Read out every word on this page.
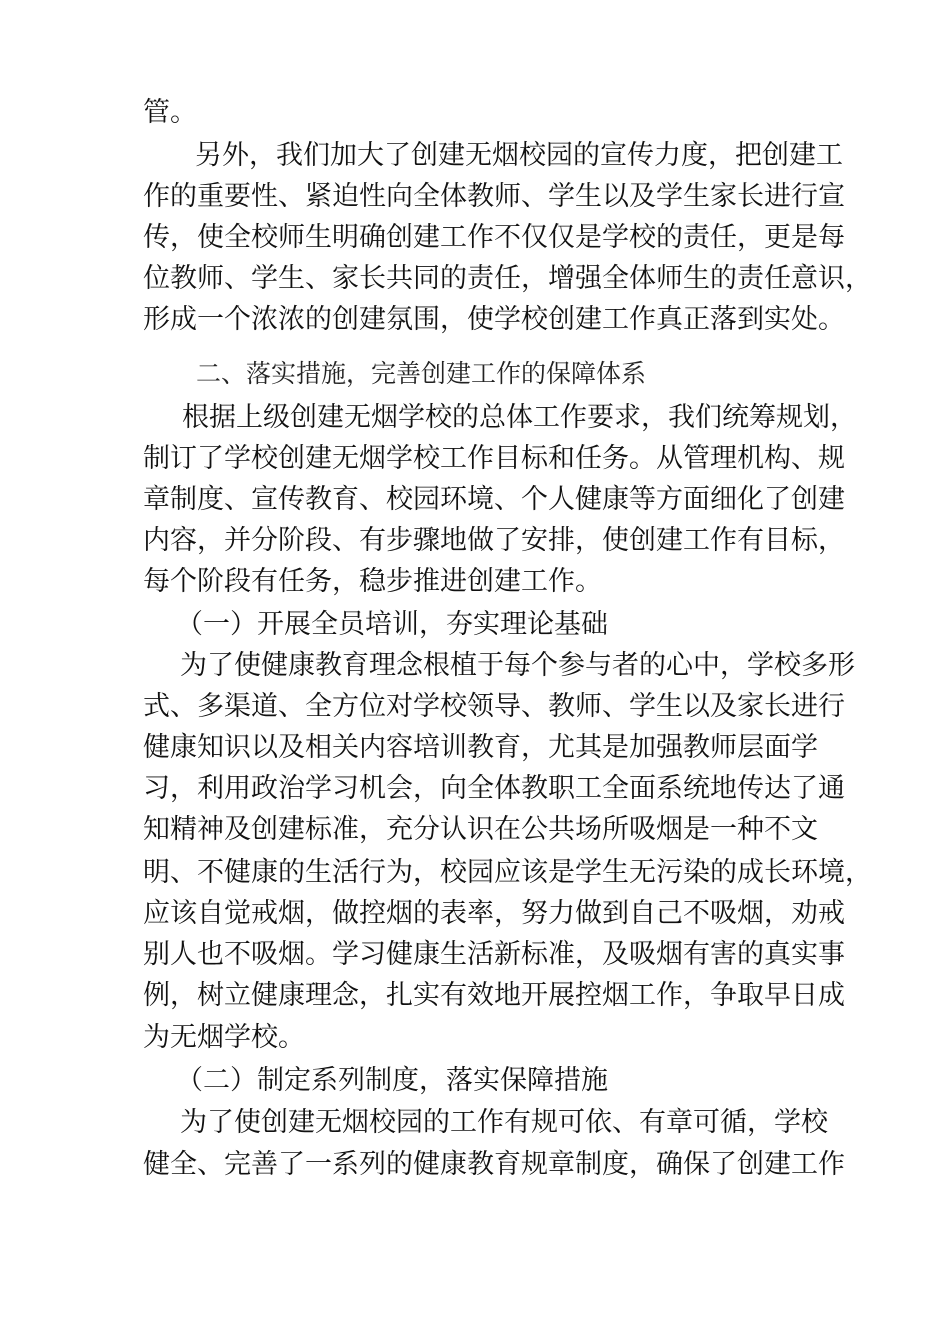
管。
另外，我们加大了创建无烟校园的宣传力度，把创建工
作的重要性、紧迫性向全体教师、学生以及学生家长进行宣
传，使全校师生明确创建工作不仅仅是学校的责任，更是每
位教师、学生、家长共同的责任，增强全体师生的责任意识，
形成一个浓浓的创建氛围，使学校创建工作真正落到实处。
二、落实措施，完善创建工作的保障体系
根据上级创建无烟学校的总体工作要求，我们统筹规划，
制订了学校创建无烟学校工作目标和任务。从管理机构、规
章制度、宣传教育、校园环境、个人健康等方面细化了创建
内容，并分阶段、有步骤地做了安排，使创建工作有目标，
每个阶段有任务，稳步推进创建工作。
（一）开展全员培训，夯实理论基础
为了使健康教育理念根植于每个参与者的心中，学校多形
式、多渠道、全方位对学校领导、教师、学生以及家长进行
健康知识以及相关内容培训教育，尤其是加强教师层面学
习，利用政治学习机会，向全体教职工全面系统地传达了通
知精神及创建标准，充分认识在公共场所吸烟是一种不文
明、不健康的生活行为，校园应该是学生无污染的成长环境，
应该自觉戒烟，做控烟的表率，努力做到自己不吸烟，劝戒
别人也不吸烟。学习健康生活新标准，及吸烟有害的真实事
例，树立健康理念，扎实有效地开展控烟工作，争取早日成
为无烟学校。
（二）制定系列制度，落实保障措施
为了使创建无烟校园的工作有规可依、有章可循，学校
健全、完善了一系列的健康教育规章制度，确保了创建工作
